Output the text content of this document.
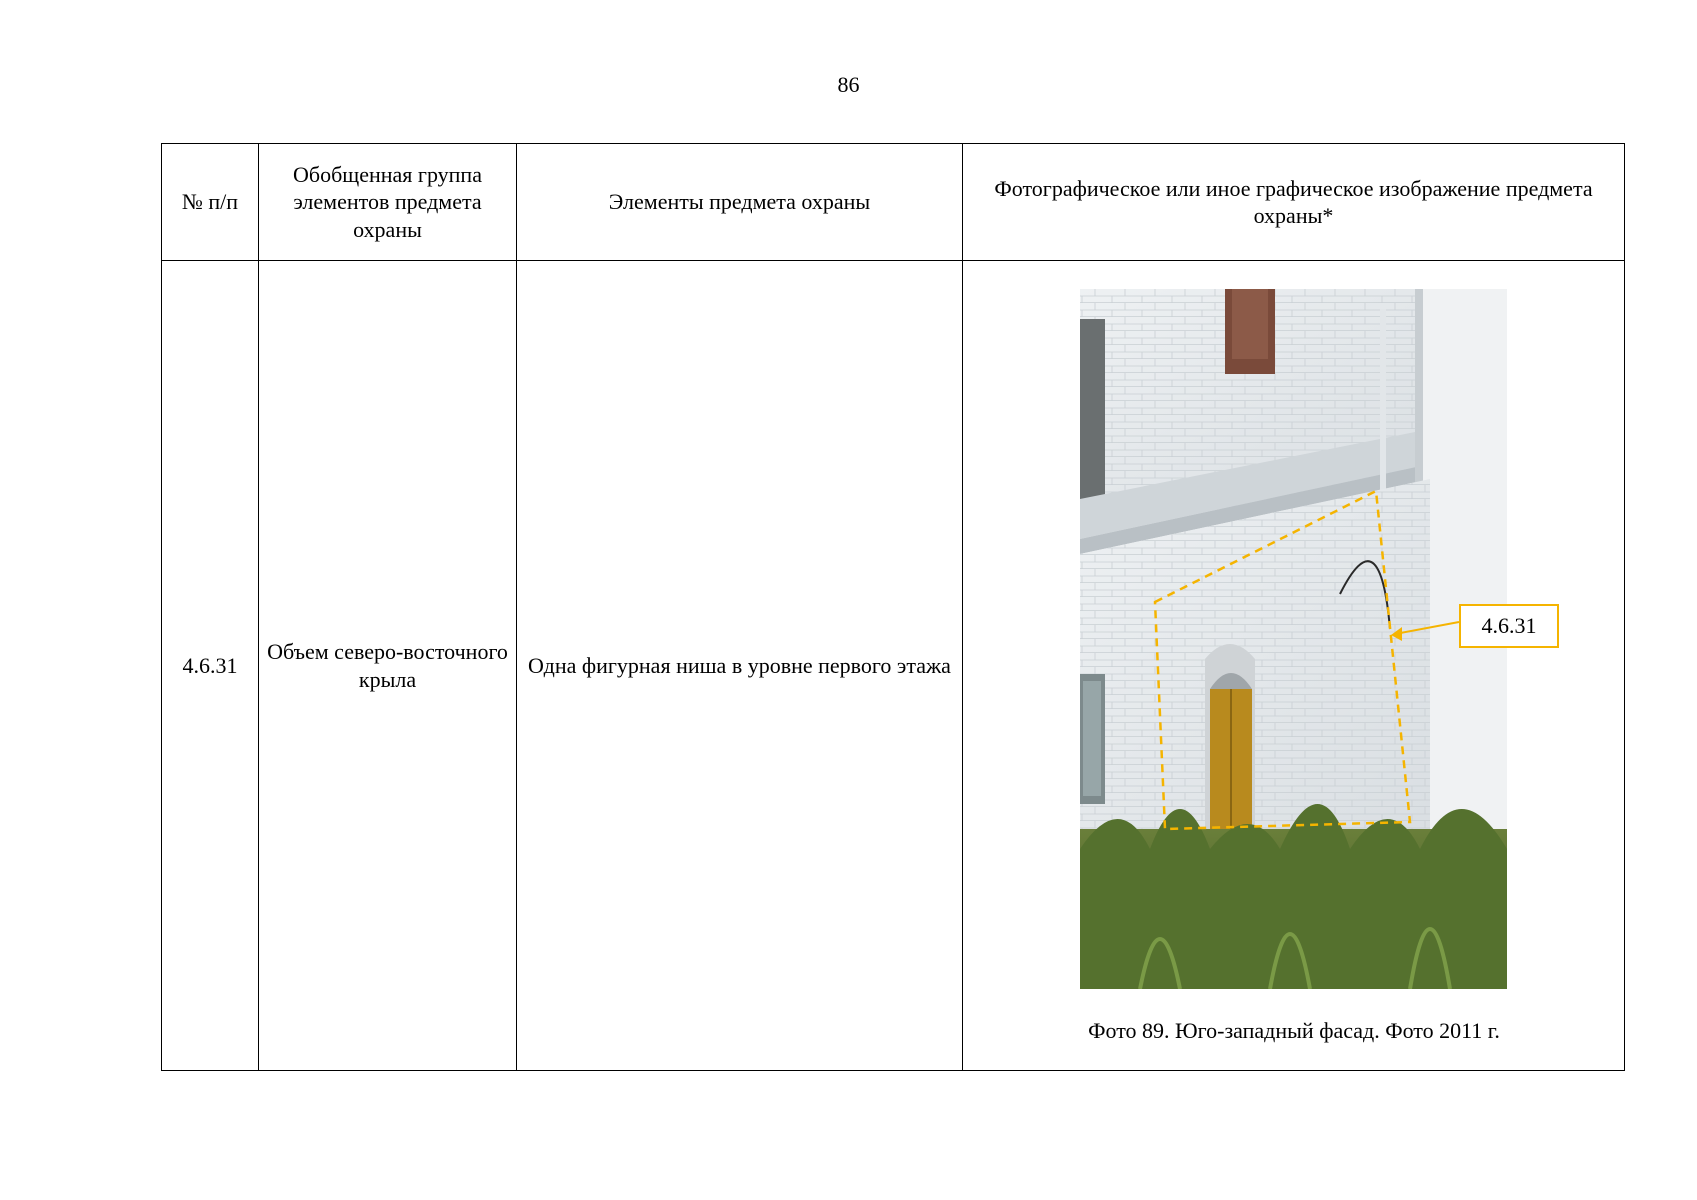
86
№ п/п	Обобщенная группа элементов предмета охраны	Элементы предмета охраны	Фотографическое или иное графическое изображение предмета охраны*
4.6.31	Объем северо-восточного крыла	Одна фигурная ниша в уровне первого этажа	4.6.31
Фото 89. Юго-западный фасад. Фото 2011 г.
